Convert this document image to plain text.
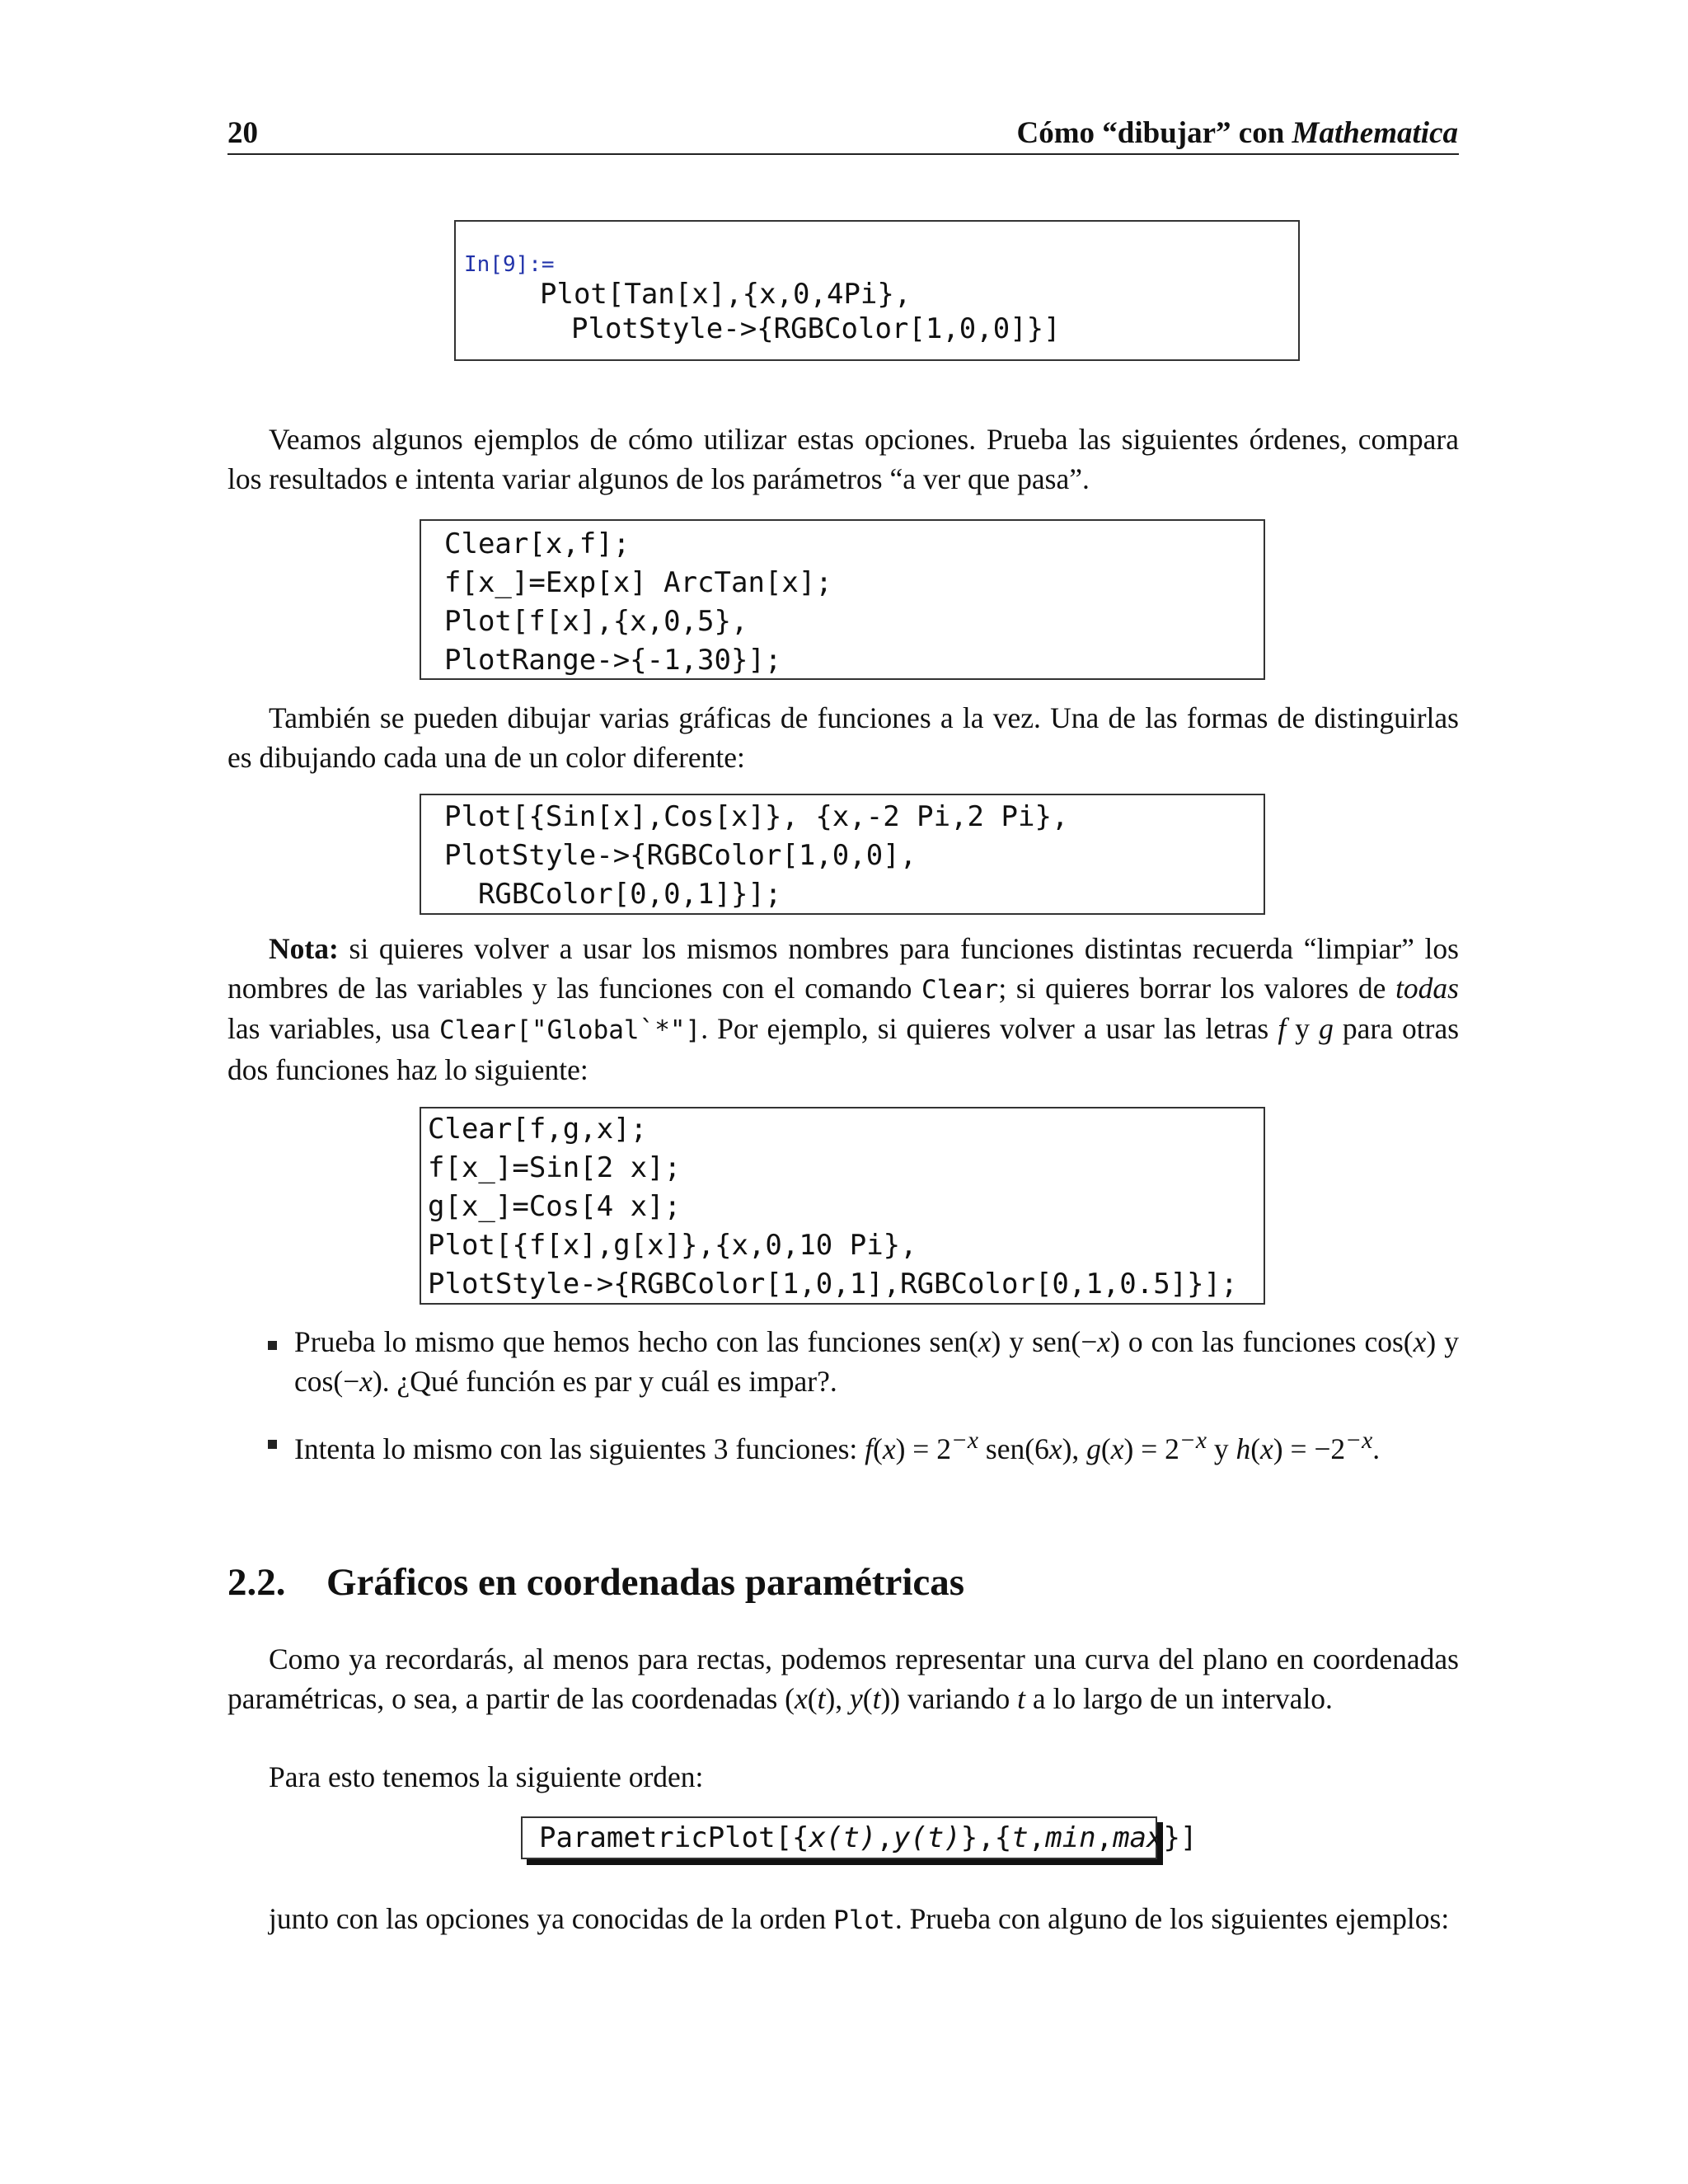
20	Cómo “dibujar” con Mathematica
In[9]:=
Plot[Tan[x],{x,0,4Pi},
PlotStyle->{RGBColor[1,0,0]}]

Veamos algunos ejemplos de cómo utilizar estas opciones. Prueba las siguientes órdenes, compara los resultados e intenta variar algunos de los parámetros “a ver que pasa”.

Clear[x,f];
f[x_]=Exp[x] ArcTan[x];
Plot[f[x],{x,0,5},
PlotRange->{-1,30}];

También se pueden dibujar varias gráficas de funciones a la vez. Una de las formas de distinguirlas es dibujando cada una de un color diferente:

Plot[{Sin[x],Cos[x]}, {x,-2 Pi,2 Pi},
PlotStyle->{RGBColor[1,0,0],
RGBColor[0,0,1]}];

Nota: si quieres volver a usar los mismos nombres para funciones distintas recuerda “limpiar” los nombres de las variables y las funciones con el comando Clear; si quieres borrar los valores de todas las variables, usa Clear["Global`*"]. Por ejemplo, si quieres volver a usar las letras f y g para otras dos funciones haz lo siguiente:

Clear[f,g,x];
f[x_]=Sin[2 x];
g[x_]=Cos[4 x];
Plot[{f[x],g[x]},{x,0,10 Pi},
PlotStyle->{RGBColor[1,0,1],RGBColor[0,1,0.5]}];
Prueba lo mismo que hemos hecho con las funciones sen(x) y sen(−x) o con las funciones cos(x) y cos(−x). ¿Qué función es par y cuál es impar?.
Intenta lo mismo con las siguientes 3 funciones: $f(x) = 2^{-x}$ sen(6x), $g(x) = 2^{-x}$ y $h(x) = -2^{-x}$.
2.2. Gráficos en coordenadas paramétricas

Como ya recordarás, al menos para rectas, podemos representar una curva del plano en coordenadas paramétricas, o sea, a partir de las coordenadas (x(t), y(t)) variando t a lo largo de un intervalo.

Para esto tenemos la siguiente orden:

ParametricPlot[{x(t),y(t)},{t,min,max}]

junto con las opciones ya conocidas de la orden Plot. Prueba con alguno de los siguientes ejemplos:
